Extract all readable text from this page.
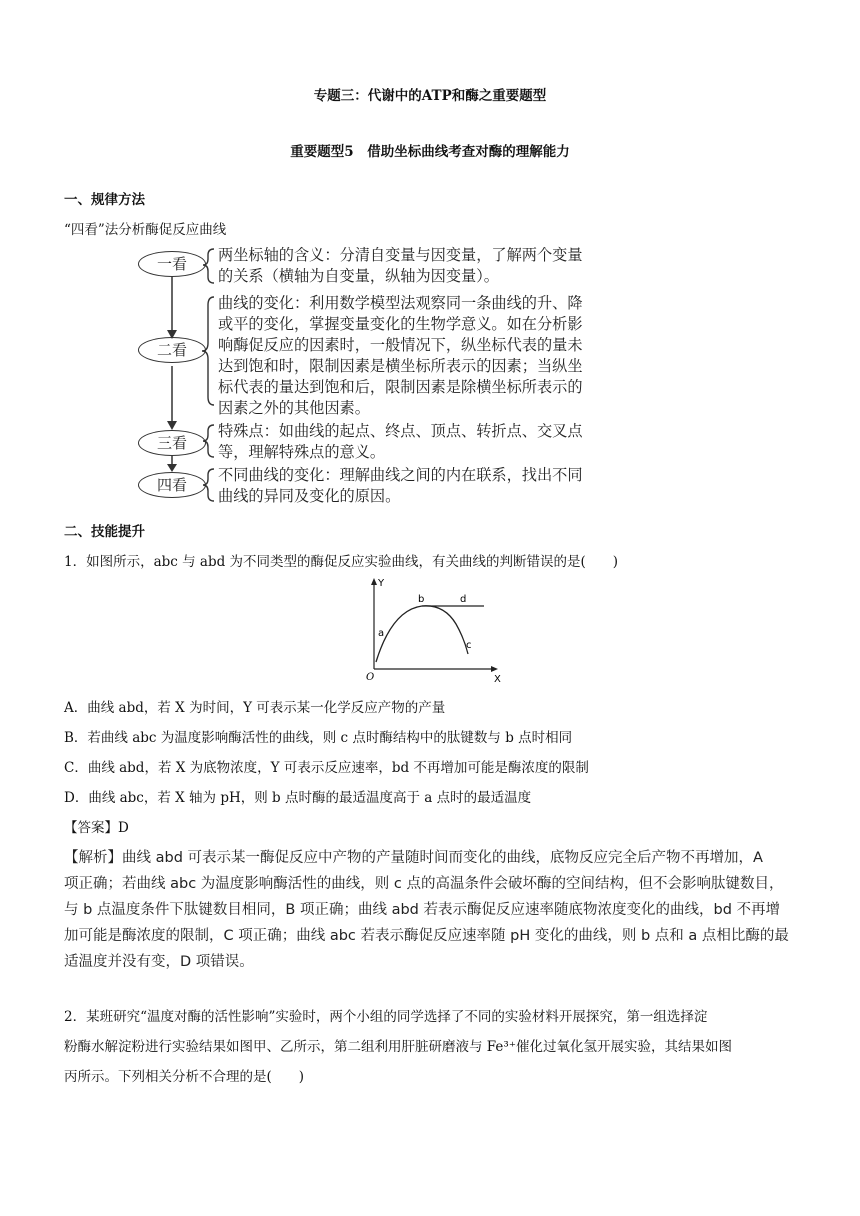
专题三：代谢中的ATP和酶之重要题型
重要题型5　借助坐标曲线考查对酶的理解能力
一、规律方法
“四看”法分析酶促反应曲线
一看
二看
三看
四看
两坐标轴的含义：分清自变量与因变量，了解两个变量
的关系（横轴为自变量，纵轴为因变量）。
曲线的变化：利用数学模型法观察同一条曲线的升、降
或平的变化，掌握变量变化的生物学意义。如在分析影
响酶促反应的因素时，一般情况下，纵坐标代表的量未
达到饱和时，限制因素是横坐标所表示的因素；当纵坐
标代表的量达到饱和后，限制因素是除横坐标所表示的
因素之外的其他因素。
特殊点：如曲线的起点、终点、顶点、转折点、交叉点
等，理解特殊点的意义。
不同曲线的变化：理解曲线之间的内在联系，找出不同
曲线的异同及变化的原因。
二、技能提升
1．如图所示，abc 与 abd 为不同类型的酶促反应实验曲线，有关曲线的判断错误的是(　　)
Y
X
O
a
b	d
c
A．曲线 abd，若 X 为时间，Y 可表示某一化学反应产物的产量
B．若曲线 abc 为温度影响酶活性的曲线，则 c 点时酶结构中的肽键数与 b 点时相同
C．曲线 abd，若 X 为底物浓度，Y 可表示反应速率，bd 不再增加可能是酶浓度的限制
D．曲线 abc，若 X 轴为 pH，则 b 点时酶的最适温度高于 a 点时的最适温度
【答案】D
【解析】曲线 abd 可表示某一酶促反应中产物的产量随时间而变化的曲线，底物反应完全后产物不再增加，A
项正确；若曲线 abc 为温度影响酶活性的曲线，则 c 点的高温条件会破坏酶的空间结构，但不会影响肽键数目，
与 b 点温度条件下肽键数目相同，B 项正确；曲线 abd 若表示酶促反应速率随底物浓度变化的曲线，bd 不再增
加可能是酶浓度的限制，C 项正确；曲线 abc 若表示酶促反应速率随 pH 变化的曲线，则 b 点和 a 点相比酶的最
适温度并没有变，D 项错误。
2．某班研究“温度对酶的活性影响”实验时，两个小组的同学选择了不同的实验材料开展探究，第一组选择淀
粉酶水解淀粉进行实验结果如图甲、乙所示，第二组利用肝脏研磨液与 Fe³⁺催化过氧化氢开展实验，其结果如图
丙所示。下列相关分析不合理的是(　　)
